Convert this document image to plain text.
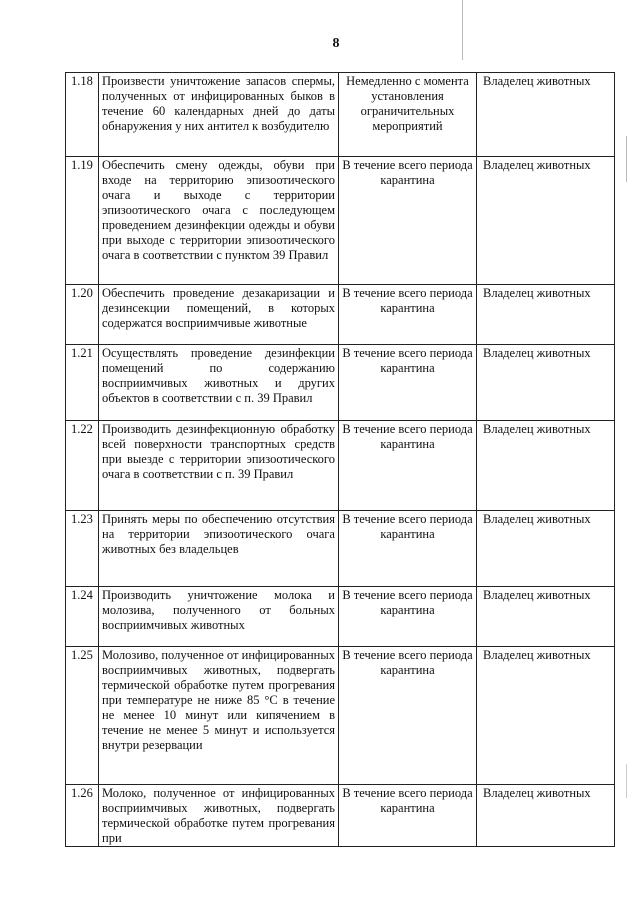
8
1.18	Произвести уничтожение запасов спермы, полученных от инфицированных быков в течение 60 календарных дней до даты обнаружения у них антител к возбудителю	Немедленно с момента установления ограничительных мероприятий	Владелец животных
1.19	Обеспечить смену одежды, обуви при входе на территорию эпизоотического очага и выходе с территории эпизоотического очага с последующем проведением дезинфекции одежды и обуви при выходе с территории эпизоотического очага в соответствии с пунктом 39 Правил	В течение всего периода карантина	Владелец животных
1.20	Обеспечить проведение дезакаризации и дезинсекции помещений, в которых содержатся восприимчивые животные	В течение всего периода карантина	Владелец животных
1.21	Осуществлять проведение дезинфекции помещений по содержанию восприимчивых животных и других объектов в соответствии с п. 39 Правил	В течение всего периода карантина	Владелец животных
1.22	Производить дезинфекционную обработку всей поверхности транспортных средств при выезде с территории эпизоотического очага в соответствии с п. 39 Правил	В течение всего периода карантина	Владелец животных
1.23	Принять меры по обеспечению отсутствия на территории эпизоотического очага животных без владельцев	В течение всего периода карантина	Владелец животных
1.24	Производить уничтожение молока и молозива, полученного от больных восприимчивых животных	В течение всего периода карантина	Владелец животных
1.25	Молозиво, полученное от инфицированных восприимчивых животных, подвергать термической обработке путем прогревания при температуре не ниже 85 °С в течение не менее 10 минут или кипячением в течение не менее 5 минут и используется внутри резервации	В течение всего периода карантина	Владелец животных
1.26	Молоко, полученное от инфицированных восприимчивых животных, подвергать термической обработке путем прогревания при	В течение всего периода карантина	Владелец животных
